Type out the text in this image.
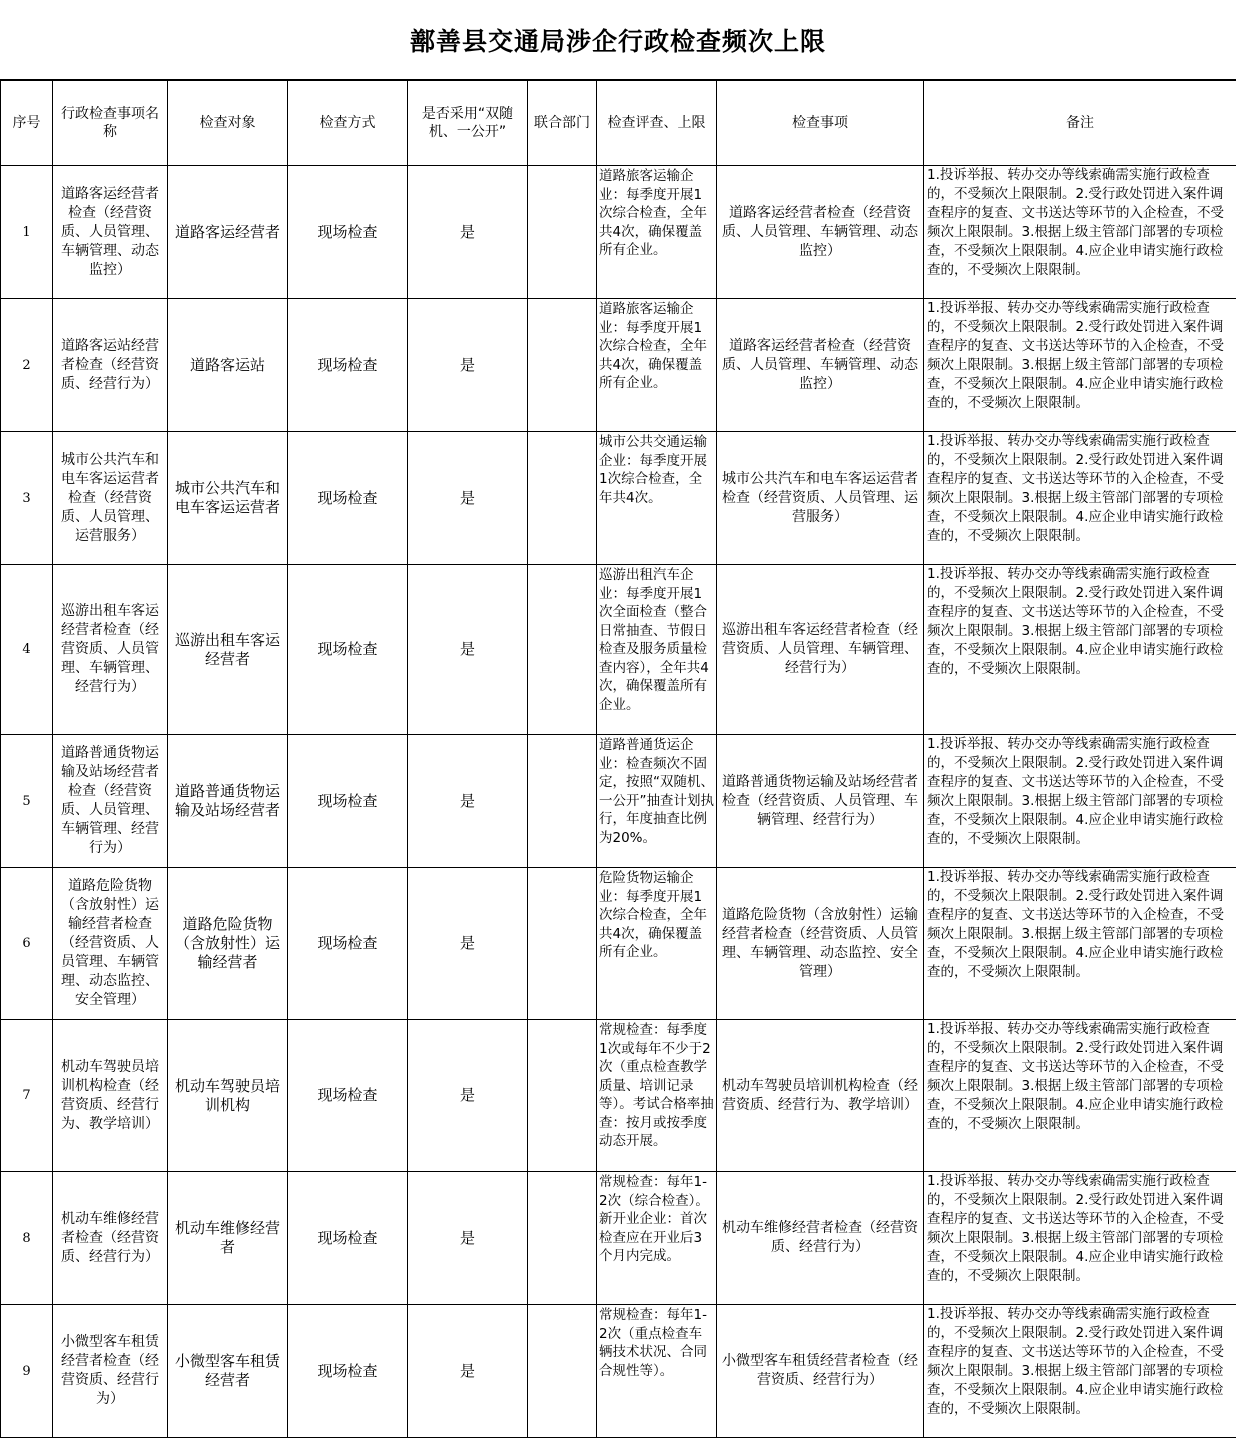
鄯善县交通局涉企行政检查频次上限
序号	行政检查事项名称	检查对象	检查方式	是否采用“双随机、一公开”	联合部门	检查评查、上限	检查事项	备注
1	道路客运经营者检查（经营资质、人员管理、车辆管理、动态监控）	道路客运经营者	现场检查	是		道路旅客运输企业：每季度开展1次综合检查，全年共4次，确保覆盖所有企业。	道路客运经营者检查（经营资质、人员管理、车辆管理、动态监控）	1.投诉举报、转办交办等线索确需实施行政检查的，不受频次上限限制。2.受行政处罚进入案件调查程序的复查、文书送达等环节的入企检查，不受频次上限限制。3.根据上级主管部门部署的专项检查，不受频次上限限制。4.应企业申请实施行政检查的，不受频次上限限制。
2	道路客运站经营者检查（经营资质、经营行为）	道路客运站	现场检查	是		道路旅客运输企业：每季度开展1次综合检查，全年共4次，确保覆盖所有企业。	道路客运经营者检查（经营资质、人员管理、车辆管理、动态监控）	1.投诉举报、转办交办等线索确需实施行政检查的，不受频次上限限制。2.受行政处罚进入案件调查程序的复查、文书送达等环节的入企检查，不受频次上限限制。3.根据上级主管部门部署的专项检查，不受频次上限限制。4.应企业申请实施行政检查的，不受频次上限限制。
3	城市公共汽车和电车客运运营者检查（经营资质、人员管理、运营服务）	城市公共汽车和电车客运运营者	现场检查	是		城市公共交通运输企业：每季度开展1次综合检查，全年共4次。	城市公共汽车和电车客运运营者检查（经营资质、人员管理、运营服务）	1.投诉举报、转办交办等线索确需实施行政检查的，不受频次上限限制。2.受行政处罚进入案件调查程序的复查、文书送达等环节的入企检查，不受频次上限限制。3.根据上级主管部门部署的专项检查，不受频次上限限制。4.应企业申请实施行政检查的，不受频次上限限制。
4	巡游出租车客运经营者检查（经营资质、人员管理、车辆管理、经营行为）	巡游出租车客运经营者	现场检查	是		巡游出租汽车企业：每季度开展1次全面检查（整合日常抽查、节假日检查及服务质量检查内容），全年共4次，确保覆盖所有企业。	巡游出租车客运经营者检查（经营资质、人员管理、车辆管理、经营行为）	1.投诉举报、转办交办等线索确需实施行政检查的，不受频次上限限制。2.受行政处罚进入案件调查程序的复查、文书送达等环节的入企检查，不受频次上限限制。3.根据上级主管部门部署的专项检查，不受频次上限限制。4.应企业申请实施行政检查的，不受频次上限限制。
5	道路普通货物运输及站场经营者检查（经营资质、人员管理、车辆管理、经营行为）	道路普通货物运输及站场经营者	现场检查	是		道路普通货运企业：检查频次不固定，按照“双随机、一公开”抽查计划执行，年度抽查比例为20%。	道路普通货物运输及站场经营者检查（经营资质、人员管理、车辆管理、经营行为）	1.投诉举报、转办交办等线索确需实施行政检查的，不受频次上限限制。2.受行政处罚进入案件调查程序的复查、文书送达等环节的入企检查，不受频次上限限制。3.根据上级主管部门部署的专项检查，不受频次上限限制。4.应企业申请实施行政检查的，不受频次上限限制。
6	道路危险货物（含放射性）运输经营者检查（经营资质、人员管理、车辆管理、动态监控、安全管理）	道路危险货物（含放射性）运输经营者	现场检查	是		危险货物运输企业：每季度开展1次综合检查，全年共4次，确保覆盖所有企业。	道路危险货物（含放射性）运输经营者检查（经营资质、人员管理、车辆管理、动态监控、安全管理）	1.投诉举报、转办交办等线索确需实施行政检查的，不受频次上限限制。2.受行政处罚进入案件调查程序的复查、文书送达等环节的入企检查，不受频次上限限制。3.根据上级主管部门部署的专项检查，不受频次上限限制。4.应企业申请实施行政检查的，不受频次上限限制。
7	机动车驾驶员培训机构检查（经营资质、经营行为、教学培训）	机动车驾驶员培训机构	现场检查	是		常规检查：每季度1次或每年不少于2次（重点检查教学质量、培训记录等）。考试合格率抽查：按月或按季度动态开展。	机动车驾驶员培训机构检查（经营资质、经营行为、教学培训）	1.投诉举报、转办交办等线索确需实施行政检查的，不受频次上限限制。2.受行政处罚进入案件调查程序的复查、文书送达等环节的入企检查，不受频次上限限制。3.根据上级主管部门部署的专项检查，不受频次上限限制。4.应企业申请实施行政检查的，不受频次上限限制。
8	机动车维修经营者检查（经营资质、经营行为）	机动车维修经营者	现场检查	是		常规检查：每年1-2次（综合检查）。新开业企业：首次检查应在开业后3个月内完成。	机动车维修经营者检查（经营资质、经营行为）	1.投诉举报、转办交办等线索确需实施行政检查的，不受频次上限限制。2.受行政处罚进入案件调查程序的复查、文书送达等环节的入企检查，不受频次上限限制。3.根据上级主管部门部署的专项检查，不受频次上限限制。4.应企业申请实施行政检查的，不受频次上限限制。
9	小微型客车租赁经营者检查（经营资质、经营行为）	小微型客车租赁经营者	现场检查	是		常规检查：每年1-2次（重点检查车辆技术状况、合同合规性等）。	小微型客车租赁经营者检查（经营资质、经营行为）	1.投诉举报、转办交办等线索确需实施行政检查的，不受频次上限限制。2.受行政处罚进入案件调查程序的复查、文书送达等环节的入企检查，不受频次上限限制。3.根据上级主管部门部署的专项检查，不受频次上限限制。4.应企业申请实施行政检查的，不受频次上限限制。
